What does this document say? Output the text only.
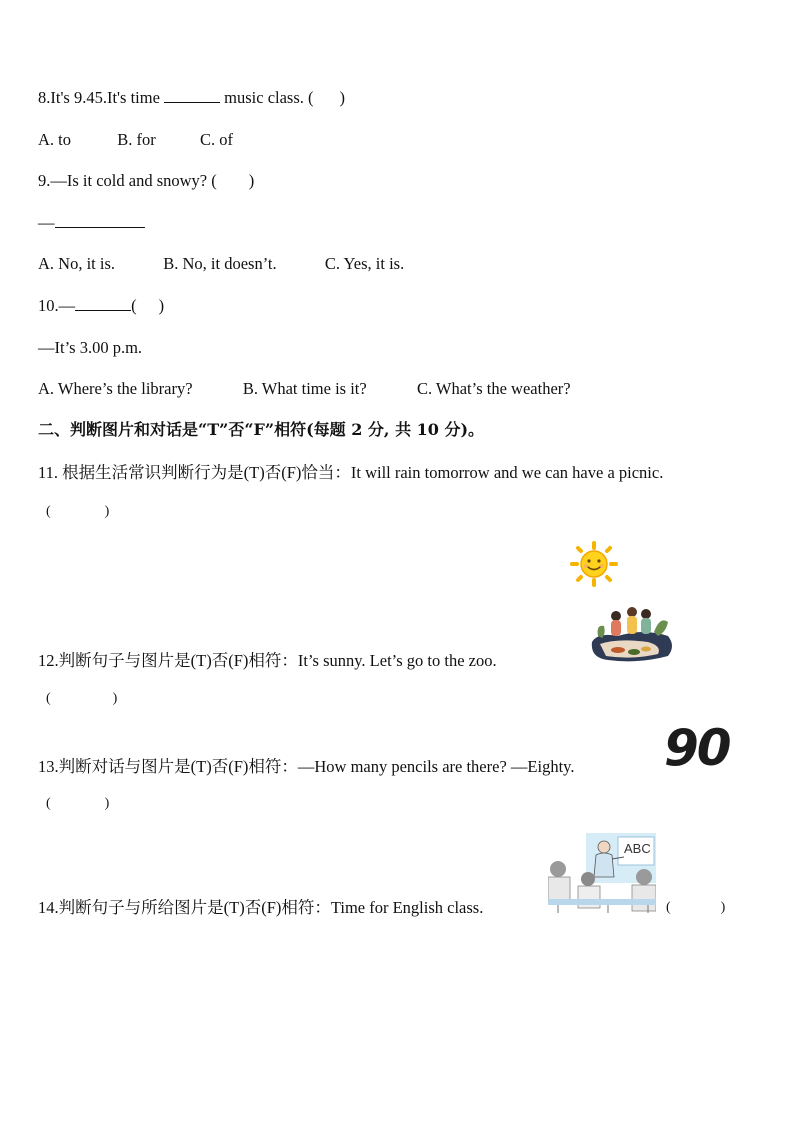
8.It's 9.45.It's time	music class. ( )
A. to	B. for	C. of
9.—Is it cold and snowy? ( )
—
A. No, it is.	B. No, it doesn’t.	C. Yes, it is.
10.—	( )
—It’s 3.00 p.m.
A. Where’s the library?	B. What time is it?	C. What’s the weather?
二、判断图片和对话是“T”否“F”相符(每题 2 分, 共 10 分)。
11. 根据生活常识判断行为是(T)否(F)恰当：It will rain tomorrow and we can have a picnic.
(	)
12.判断句子与图片是(T)否(F)相符：It’s sunny. Let’s go to the zoo.
(	)
90
13.判断对话与图片是(T)否(F)相符：—How many pencils are there? —Eighty.
(	)
ABC
14.判断句子与所给图片是(T)否(F)相符：Time for English class.	(	)
